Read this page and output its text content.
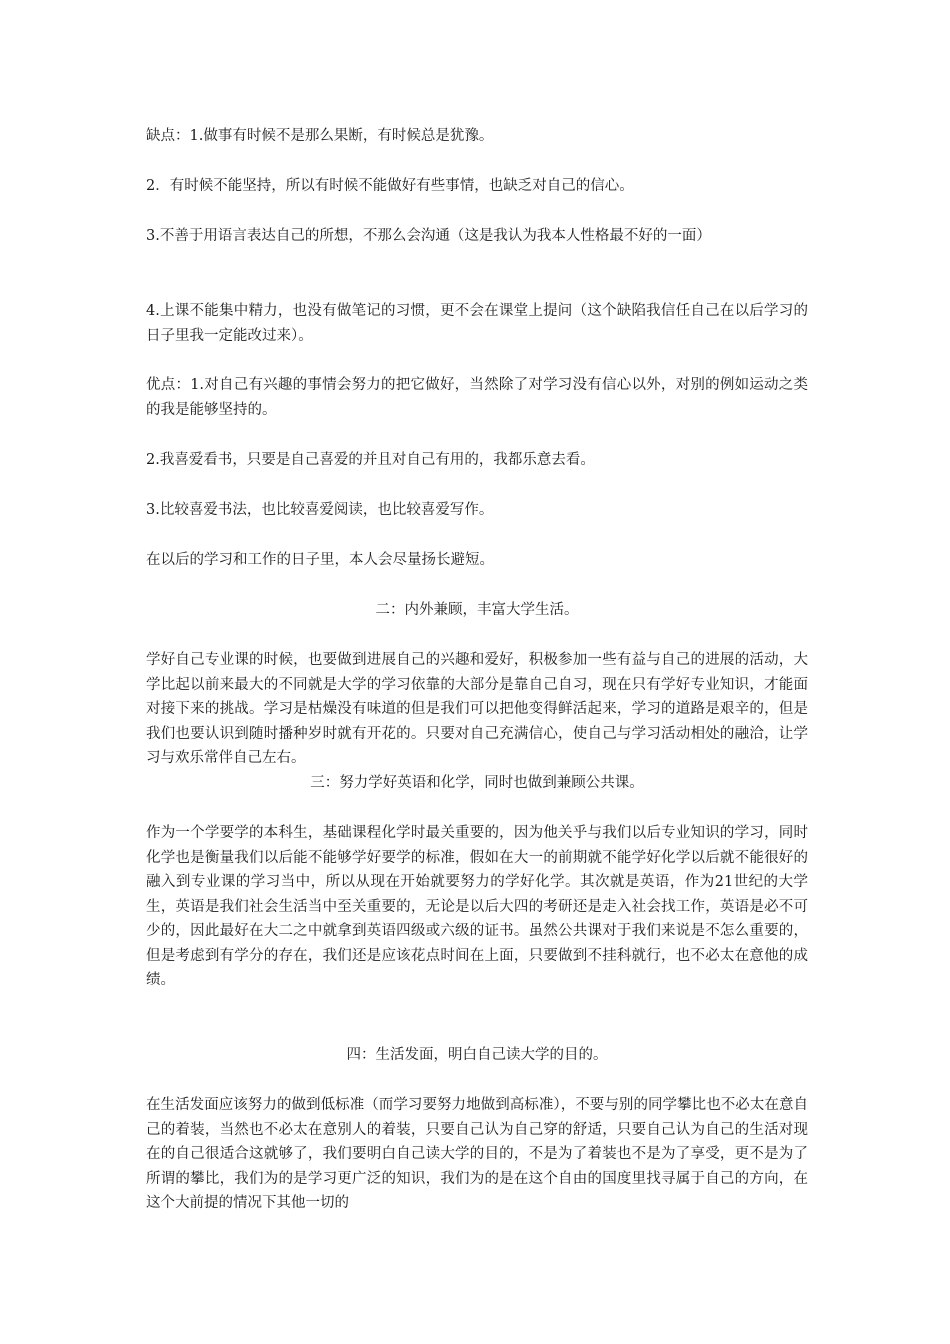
缺点：1.做事有时候不是那么果断，有时候总是犹豫。

2．有时候不能坚持，所以有时候不能做好有些事情，也缺乏对自己的信心。

3.不善于用语言表达自己的所想，不那么会沟通（这是我认为我本人性格最不好的一面）

4.上课不能集中精力，也没有做笔记的习惯，更不会在课堂上提问（这个缺陷我信任自己在以后学习的日子里我一定能改过来）。

优点：1.对自己有兴趣的事情会努力的把它做好，当然除了对学习没有信心以外，对别的例如运动之类的我是能够坚持的。

2.我喜爱看书，只要是自己喜爱的并且对自己有用的，我都乐意去看。

3.比较喜爱书法，也比较喜爱阅读，也比较喜爱写作。

在以后的学习和工作的日子里，本人会尽量扬长避短。

二：内外兼顾，丰富大学生活。

学好自己专业课的时候，也要做到进展自己的兴趣和爱好，积极参加一些有益与自己的进展的活动，大学比起以前来最大的不同就是大学的学习依靠的大部分是靠自己自习，现在只有学好专业知识，才能面对接下来的挑战。学习是枯燥没有味道的但是我们可以把他变得鲜活起来，学习的道路是艰辛的，但是我们也要认识到随时播种岁时就有开花的。只要对自己充满信心，使自己与学习活动相处的融洽，让学习与欢乐常伴自己左右。

三：努力学好英语和化学，同时也做到兼顾公共课。

作为一个学要学的本科生，基础课程化学时最关重要的，因为他关乎与我们以后专业知识的学习，同时化学也是衡量我们以后能不能够学好要学的标准，假如在大一的前期就不能学好化学以后就不能很好的融入到专业课的学习当中，所以从现在开始就要努力的学好化学。其次就是英语，作为21世纪的大学生，英语是我们社会生活当中至关重要的，无论是以后大四的考研还是走入社会找工作，英语是必不可少的，因此最好在大二之中就拿到英语四级或六级的证书。虽然公共课对于我们来说是不怎么重要的，但是考虑到有学分的存在，我们还是应该花点时间在上面，只要做到不挂科就行，也不必太在意他的成绩。

四：生活发面，明白自己读大学的目的。

在生活发面应该努力的做到低标准（而学习要努力地做到高标准），不要与别的同学攀比也不必太在意自己的着装，当然也不必太在意别人的着装，只要自己认为自己穿的舒适，只要自己认为自己的生活对现在的自己很适合这就够了，我们要明白自己读大学的目的，不是为了着装也不是为了享受，更不是为了所谓的攀比，我们为的是学习更广泛的知识，我们为的是在这个自由的国度里找寻属于自己的方向，在这个大前提的情况下其他一切的
